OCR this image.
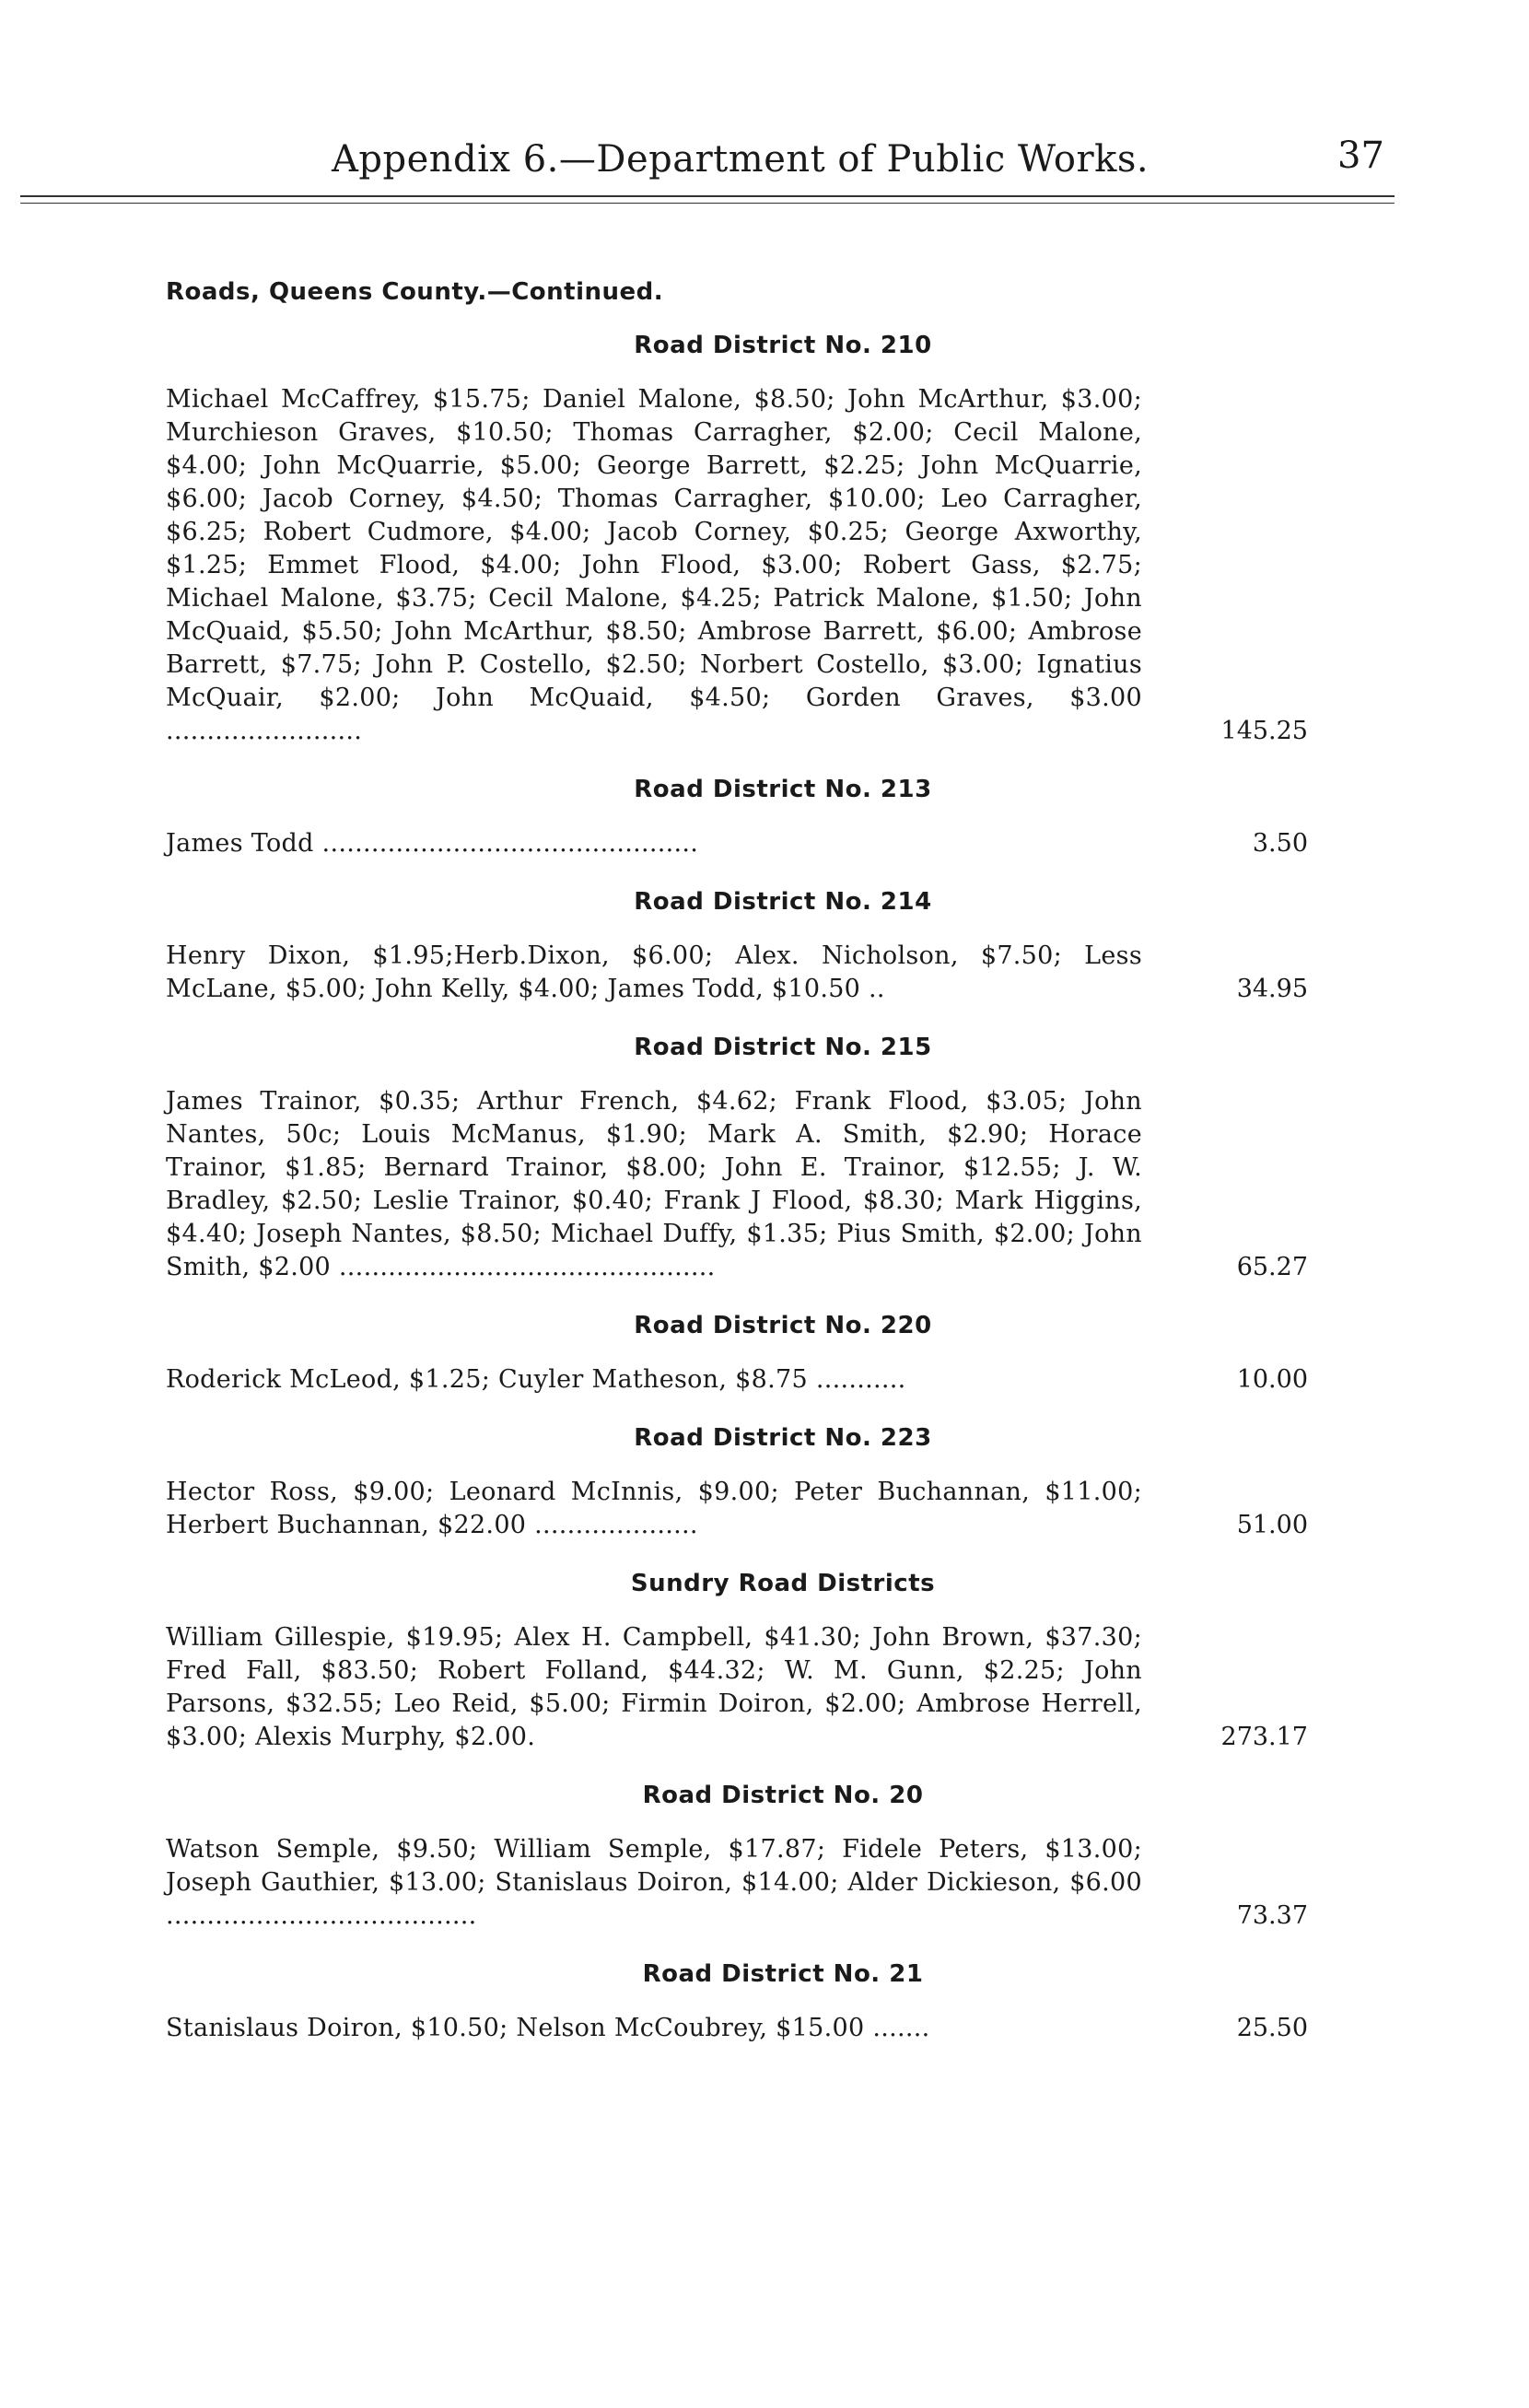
Appendix 6.—Department of Public Works.	37
Roads, Queens County.—Continued.
Road District No. 210
Michael McCaffrey, $15.75; Daniel Malone, $8.50; John McArthur, $3.00; Murchieson Graves, $10.50; Thomas Carragher, $2.00; Cecil Malone, $4.00; John McQuarrie, $5.00; George Barrett, $2.25; John McQuarrie, $6.00; Jacob Corney, $4.50; Thomas Carragher, $10.00; Leo Carragher, $6.25; Robert Cudmore, $4.00; Jacob Corney, $0.25; George Axworthy, $1.25; Emmet Flood, $4.00; John Flood, $3.00; Robert Gass, $2.75; Michael Malone, $3.75; Cecil Malone, $4.25; Patrick Malone, $1.50; John McQuaid, $5.50; John McArthur, $8.50; Ambrose Barrett, $6.00; Ambrose Barrett, $7.75; John P. Costello, $2.50; Norbert Costello, $3.00; Ignatius McQuair, $2.00; John McQuaid, $4.50; Gorden Graves, $3.00 ........................	145.25
Road District No. 213
James Todd ..............................................	3.50
Road District No. 214
Henry Dixon, $1.95;Herb.Dixon, $6.00; Alex. Nicholson, $7.50; Less McLane, $5.00; John Kelly, $4.00; James Todd, $10.50 ..	34.95
Road District No. 215
James Trainor, $0.35; Arthur French, $4.62; Frank Flood, $3.05; John Nantes, 50c; Louis McManus, $1.90; Mark A. Smith, $2.90; Horace Trainor, $1.85; Bernard Trainor, $8.00; John E. Trainor, $12.55; J. W. Bradley, $2.50; Leslie Trainor, $0.40; Frank J Flood, $8.30; Mark Higgins, $4.40; Joseph Nantes, $8.50; Michael Duffy, $1.35; Pius Smith, $2.00; John Smith, $2.00 ..............................................	65.27
Road District No. 220
Roderick McLeod, $1.25; Cuyler Matheson, $8.75 ...........	10.00
Road District No. 223
Hector Ross, $9.00; Leonard McInnis, $9.00; Peter Buchannan, $11.00; Herbert Buchannan, $22.00 ....................	51.00
Sundry Road Districts
William Gillespie, $19.95; Alex H. Campbell, $41.30; John Brown, $37.30; Fred Fall, $83.50; Robert Folland, $44.32; W. M. Gunn, $2.25; John Parsons, $32.55; Leo Reid, $5.00; Firmin Doiron, $2.00; Ambrose Herrell, $3.00; Alexis Murphy, $2.00.	273.17
Road District No. 20
Watson Semple, $9.50; William Semple, $17.87; Fidele Peters, $13.00; Joseph Gauthier, $13.00; Stanislaus Doiron, $14.00; Alder Dickieson, $6.00 ......................................	73.37
Road District No. 21
Stanislaus Doiron, $10.50; Nelson McCoubrey, $15.00 .......	25.50
